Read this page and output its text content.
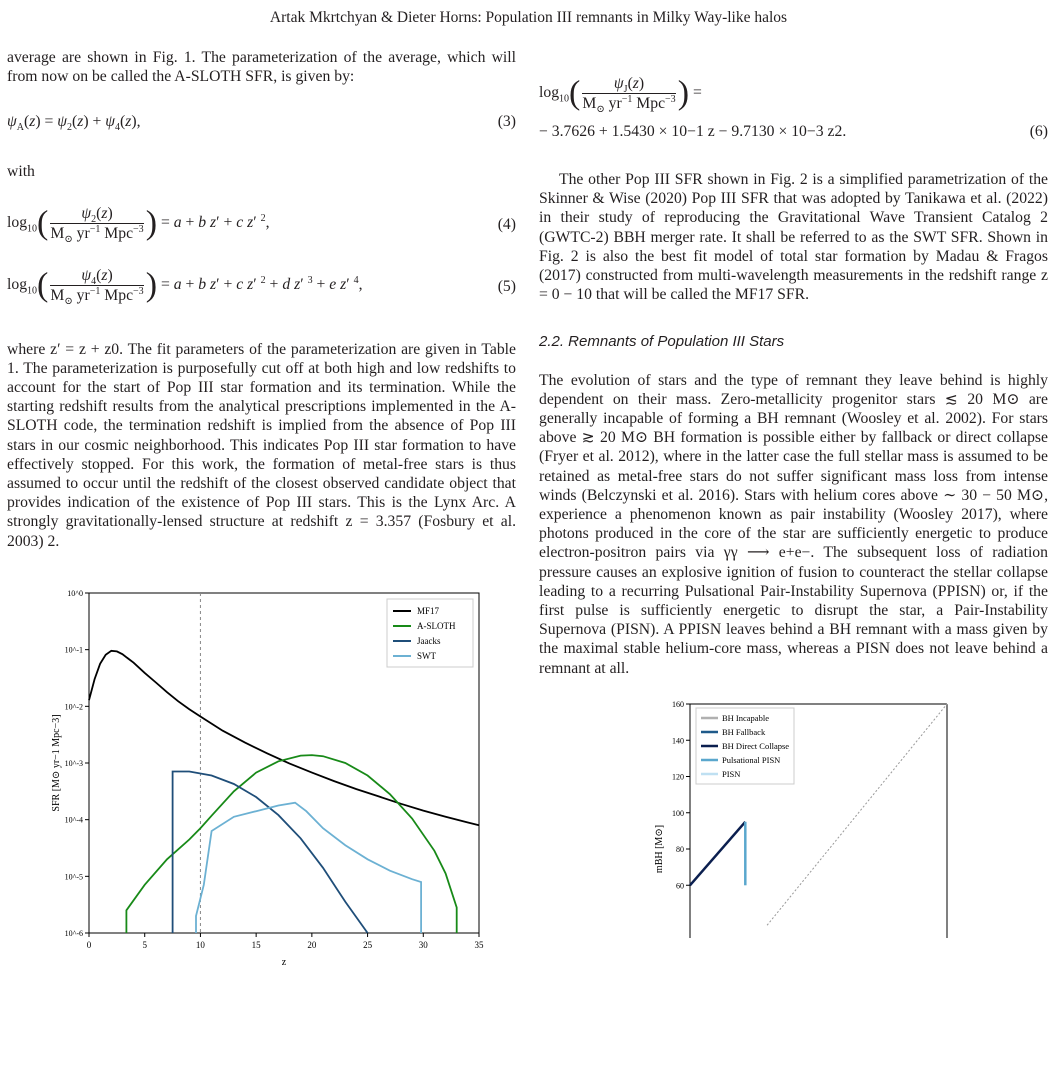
Artak Mkrtchyan & Dieter Horns: Population III remnants in Milky Way-like halos

average are shown in Fig. 1. The parameterization of the average, which will from now on be called the A-SLOTH SFR, is given by:

$\psi_A(z) = \psi_2(z) + \psi_4(z)$,	(3)

with

$\log_{10}( \frac{\psi_2(z)}{M_⊙ yr^{-1} Mpc^{-3}}$ ) = a + b z′ + c z′ $^2$,	(4)
$\log_{10}( \frac{\psi_4(z)}{M_⊙ yr^{-1} Mpc^{-3}}$ ) = a + b z′ + c z′ $^2$ + d z′ $^3$ + e z′ $^4$,	(5)

where z′ = z + z0. The fit parameters of the parameterization are given in Table 1. The parameterization is purposefully cut off at both high and low redshifts to account for the start of Pop III star formation and its termination. While the starting redshift results from the analytical prescriptions implemented in the A-SLOTH code, the termination redshift is implied from the absence of Pop III stars in our cosmic neighborhood. This indicates Pop III star formation to have effectively stopped. For this work, the formation of metal-free stars is thus assumed to occur until the redshift of the closest observed candidate object that provides indication of the existence of Pop III stars. This is the Lynx Arc. A strongly gravitationally-lensed structure at redshift z = 3.357 (Fosbury et al. 2003) 2.

0	5	10	15	20	25	30	35
10^0
10^-1
10^-2
10^-3
10^-4
10^-5
10^-6
z
SFR [M⊙ yr−1 Mpc−3]
MF17
A-SLOTH
Jaacks
SWT
$\log_{10}( \frac{\psi_J(z)}{M_⊙ yr^{-1} Mpc^{-3}}$ ) =
− 3.7626 + 1.5430 × 10−1 z − 9.7130 × 10−3 z2.	(6)

The other Pop III SFR shown in Fig. 2 is a simplified parametrization of the Skinner & Wise (2020) Pop III SFR that was adopted by Tanikawa et al. (2022) in their study of reproducing the Gravitational Wave Transient Catalog 2 (GWTC-2) BBH merger rate. It shall be referred to as the SWT SFR. Shown in Fig. 2 is also the best fit model of total star formation by Madau & Fragos (2017) constructed from multi-wavelength measurements in the redshift range z = 0 − 10 that will be called the MF17 SFR.

2.2. Remnants of Population III Stars

The evolution of stars and the type of remnant they leave behind is highly dependent on their mass. Zero-metallicity progenitor stars ≲ 20 M⊙ are generally incapable of forming a BH remnant (Woosley et al. 2002). For stars above ≳ 20 M⊙ BH formation is possible either by fallback or direct collapse (Fryer et al. 2012), where in the latter case the full stellar mass is assumed to be retained as metal-free stars do not suffer significant mass loss from intense winds (Belczynski et al. 2016). Stars with helium cores above ∼ 30 − 50 M⊙, experience a phenomenon known as pair instability (Woosley 2017), where photons produced in the core of the star are sufficiently energetic to produce electron-positron pairs via γγ ⟶ e+e−. The subsequent loss of radiation pressure causes an explosive ignition of fusion to counteract the stellar collapse leading to a recurring Pulsational Pair-Instability Supernova (PPISN) or, if the first pulse is sufficiently energetic to disrupt the star, a Pair-Instability Supernova (PISN). A PPISN leaves behind a BH remnant with a mass given by the maximal stable helium-core mass, whereas a PISN does not leave behind a remnant at all.

160
140
120
100
80
60
mBH [M⊙]
BH Incapable
BH Fallback
BH Direct Collapse
Pulsational PISN
PISN
